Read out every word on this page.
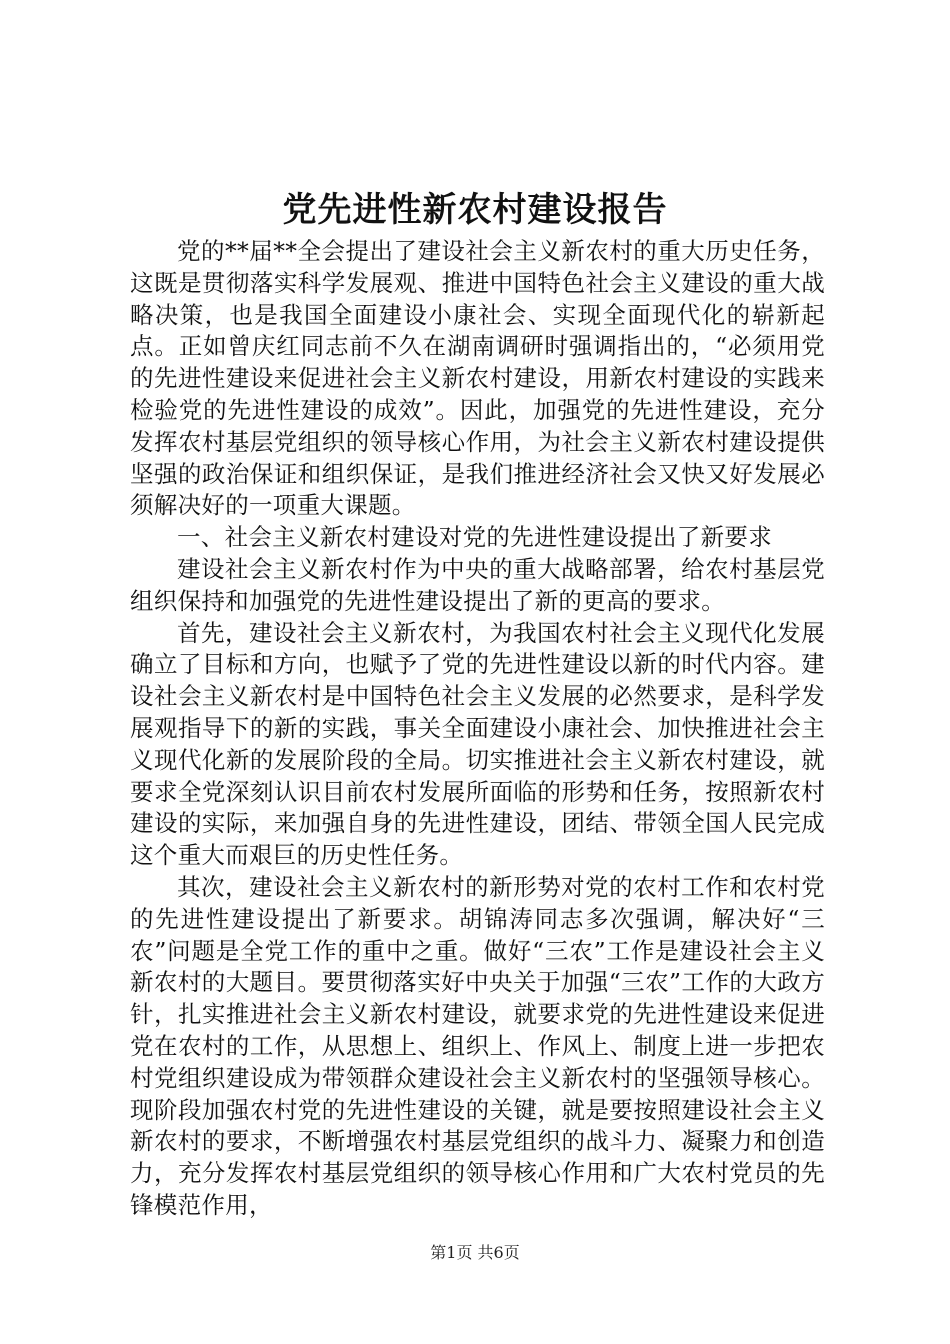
党先进性新农村建设报告

党的**届**全会提出了建设社会主义新农村的重大历史任务，这既是贯彻落实科学发展观、推进中国特色社会主义建设的重大战略决策，也是我国全面建设小康社会、实现全面现代化的崭新起点。正如曾庆红同志前不久在湖南调研时强调指出的，“必须用党的先进性建设来促进社会主义新农村建设，用新农村建设的实践来检验党的先进性建设的成效”。因此，加强党的先进性建设，充分发挥农村基层党组织的领导核心作用，为社会主义新农村建设提供坚强的政治保证和组织保证，是我们推进经济社会又快又好发展必须解决好的一项重大课题。

一、社会主义新农村建设对党的先进性建设提出了新要求

建设社会主义新农村作为中央的重大战略部署，给农村基层党组织保持和加强党的先进性建设提出了新的更高的要求。

首先，建设社会主义新农村，为我国农村社会主义现代化发展确立了目标和方向，也赋予了党的先进性建设以新的时代内容。建设社会主义新农村是中国特色社会主义发展的必然要求，是科学发展观指导下的新的实践，事关全面建设小康社会、加快推进社会主义现代化新的发展阶段的全局。切实推进社会主义新农村建设，就要求全党深刻认识目前农村发展所面临的形势和任务，按照新农村建设的实际，来加强自身的先进性建设，团结、带领全国人民完成这个重大而艰巨的历史性任务。

其次，建设社会主义新农村的新形势对党的农村工作和农村党的先进性建设提出了新要求。胡锦涛同志多次强调，解决好“三农”问题是全党工作的重中之重。做好“三农”工作是建设社会主义新农村的大题目。要贯彻落实好中央关于加强“三农”工作的大政方针，扎实推进社会主义新农村建设，就要求党的先进性建设来促进党在农村的工作，从思想上、组织上、作风上、制度上进一步把农村党组织建设成为带领群众建设社会主义新农村的坚强领导核心。现阶段加强农村党的先进性建设的关键，就是要按照建设社会主义新农村的要求，不断增强农村基层党组织的战斗力、凝聚力和创造力，充分发挥农村基层党组织的领导核心作用和广大农村党员的先锋模范作用，

第1页 共6页
